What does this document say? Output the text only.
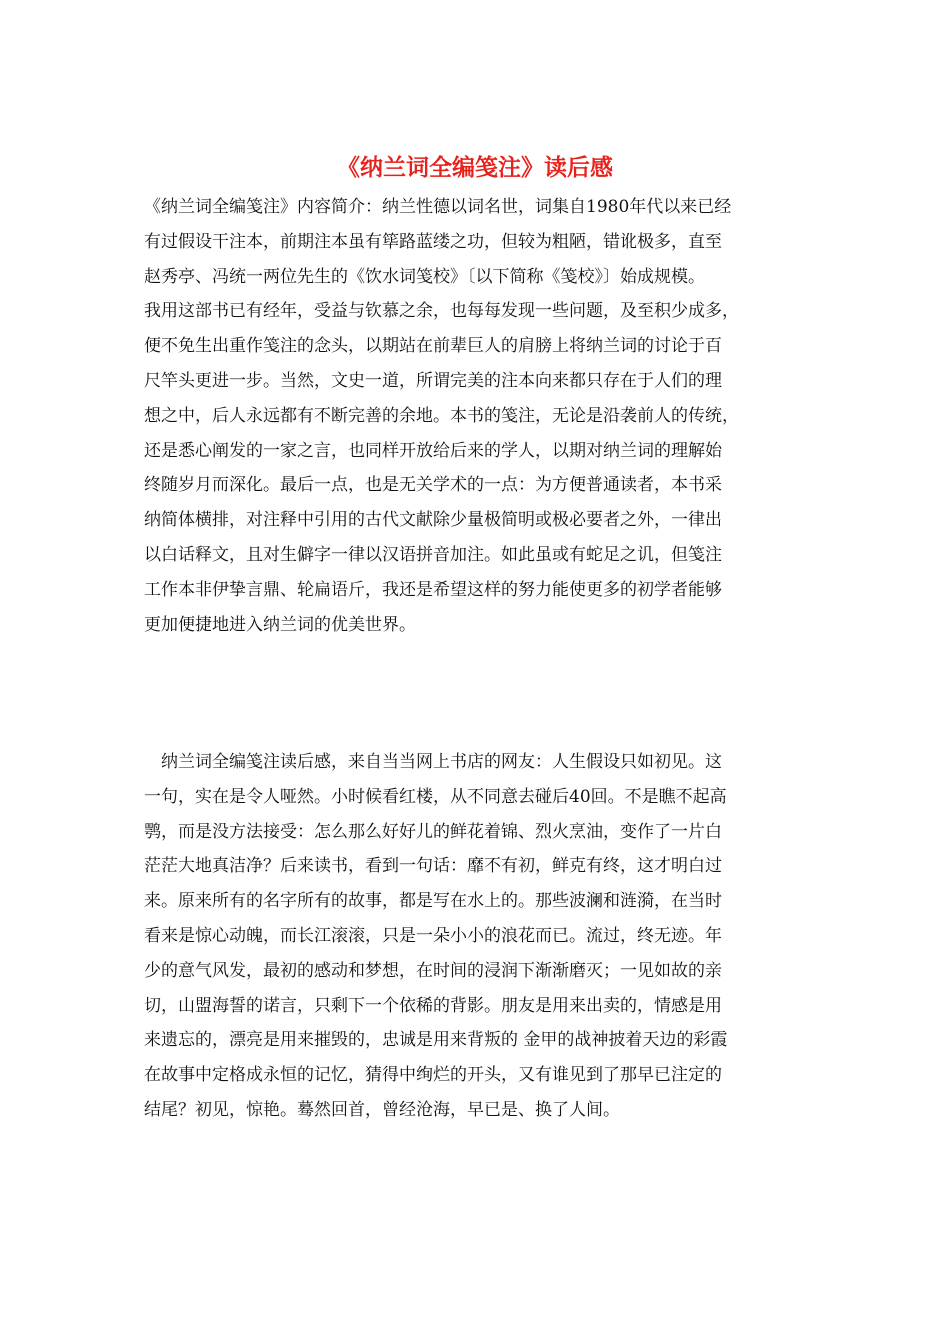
《纳兰词全编笺注》读后感
《纳兰词全编笺注》内容简介：纳兰性德以词名世，词集自1980年代以来已经
有过假设干注本，前期注本虽有筚路蓝缕之功，但较为粗陋，错讹极多，直至
赵秀亭、冯统一两位先生的《饮水词笺校》〔以下简称《笺校》〕始成规模。
我用这部书已有经年，受益与钦慕之余，也每每发现一些问题，及至积少成多，
便不免生出重作笺注的念头，以期站在前辈巨人的肩膀上将纳兰词的讨论于百
尺竿头更进一步。当然，文史一道，所谓完美的注本向来都只存在于人们的理
想之中，后人永远都有不断完善的余地。本书的笺注，无论是沿袭前人的传统，
还是悉心阐发的一家之言，也同样开放给后来的学人，以期对纳兰词的理解始
终随岁月而深化。最后一点，也是无关学术的一点：为方便普通读者，本书采
纳简体横排，对注释中引用的古代文献除少量极简明或极必要者之外，一律出
以白话释文，且对生僻字一律以汉语拼音加注。如此虽或有蛇足之讥，但笺注
工作本非伊挚言鼎、轮扁语斤，我还是希望这样的努力能使更多的初学者能够
更加便捷地进入纳兰词的优美世界。
　纳兰词全编笺注读后感，来自当当网上书店的网友：人生假设只如初见。这
一句，实在是令人哑然。小时候看红楼，从不同意去碰后40回。不是瞧不起高
鹗，而是没方法接受：怎么那么好好儿的鲜花着锦、烈火烹油，变作了一片白
茫茫大地真洁净？后来读书，看到一句话：靡不有初，鲜克有终，这才明白过
来。原来所有的名字所有的故事，都是写在水上的。那些波澜和涟漪，在当时
看来是惊心动魄，而长江滚滚，只是一朵小小的浪花而已。流过，终无迹。年
少的意气风发，最初的感动和梦想，在时间的浸润下渐渐磨灭；一见如故的亲
切，山盟海誓的诺言，只剩下一个依稀的背影。朋友是用来出卖的，情感是用
来遗忘的，漂亮是用来摧毁的，忠诚是用来背叛的 金甲的战神披着天边的彩霞
在故事中定格成永恒的记忆，猜得中绚烂的开头，又有谁见到了那早已注定的
结尾？初见，惊艳。蓦然回首，曾经沧海，早已是、换了人间。
